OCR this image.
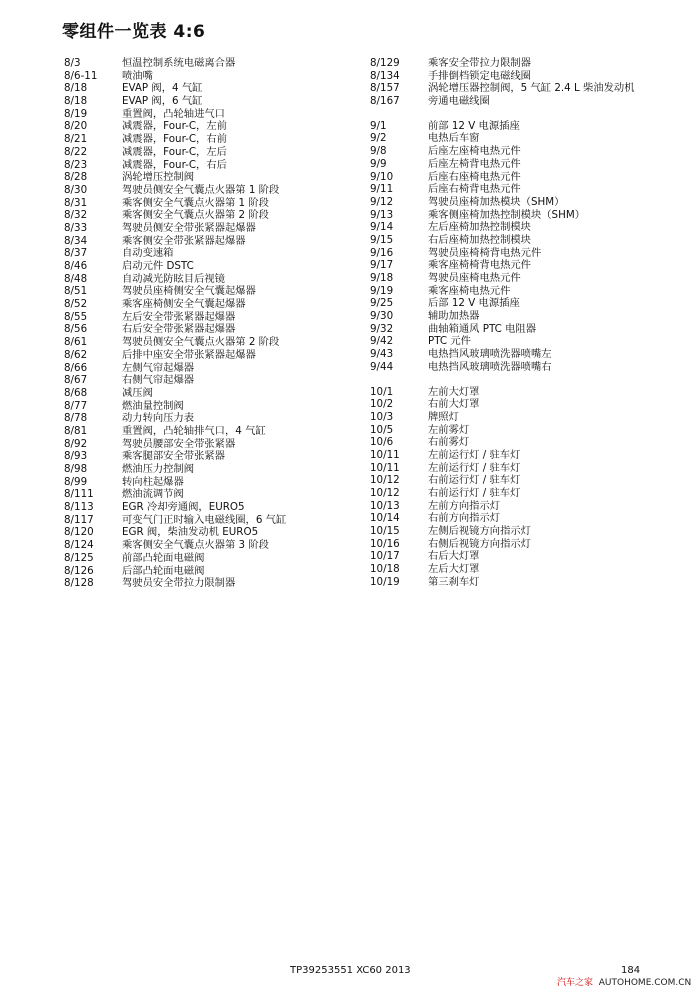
零组件一览表 4:6
8/3	恒温控制系统电磁离合器
8/6-11	喷油嘴
8/18	EVAP 阀，4 气缸
8/18	EVAP 阀，6 气缸
8/19	重置阀，凸轮轴进气口
8/20	减震器，Four-C，左前
8/21	减震器，Four-C，右前
8/22	减震器，Four-C，左后
8/23	减震器，Four-C，右后
8/28	涡轮增压控制阀
8/30	驾驶员侧安全气囊点火器第 1 阶段
8/31	乘客侧安全气囊点火器第 1 阶段
8/32	乘客侧安全气囊点火器第 2 阶段
8/33	驾驶员侧安全带张紧器起爆器
8/34	乘客侧安全带张紧器起爆器
8/37	自动变速箱
8/46	启动元件 DSTC
8/48	自动减光防眩目后视镜
8/51	驾驶员座椅侧安全气囊起爆器
8/52	乘客座椅侧安全气囊起爆器
8/55	左后安全带张紧器起爆器
8/56	右后安全带张紧器起爆器
8/61	驾驶员侧安全气囊点火器第 2 阶段
8/62	后排中座安全带张紧器起爆器
8/66	左侧气帘起爆器
8/67	右侧气帘起爆器
8/68	减压阀
8/77	燃油量控制阀
8/78	动力转向压力表
8/81	重置阀，凸轮轴排气口，4 气缸
8/92	驾驶员腰部安全带张紧器
8/93	乘客腿部安全带张紧器
8/98	燃油压力控制阀
8/99	转向柱起爆器
8/111	燃油流调节阀
8/113	EGR 冷却旁通阀，EURO5
8/117	可变气门正时输入电磁线圈，6 气缸
8/120	EGR 阀，柴油发动机 EURO5
8/124	乘客侧安全气囊点火器第 3 阶段
8/125	前部凸轮面电磁阀
8/126	后部凸轮面电磁阀
8/128	驾驶员安全带拉力限制器
8/129	乘客安全带拉力限制器
8/134	手排倒档锁定电磁线圈
8/157	涡轮增压器控制阀，5 气缸 2.4 L 柴油发动机
8/167	旁通电磁线圈
9/1	前部 12 V 电源插座
9/2	电热后车窗
9/8	后座左座椅电热元件
9/9	后座左椅背电热元件
9/10	后座右座椅电热元件
9/11	后座右椅背电热元件
9/12	驾驶员座椅加热模块（SHM）
9/13	乘客侧座椅加热控制模块（SHM）
9/14	左后座椅加热控制模块
9/15	右后座椅加热控制模块
9/16	驾驶员座椅椅背电热元件
9/17	乘客座椅椅背电热元件
9/18	驾驶员座椅电热元件
9/19	乘客座椅电热元件
9/25	后部 12 V 电源插座
9/30	辅助加热器
9/32	曲轴箱通风 PTC 电阻器
9/42	PTC 元件
9/43	电热挡风玻璃喷洗器喷嘴左
9/44	电热挡风玻璃喷洗器喷嘴右
10/1	左前大灯罩
10/2	右前大灯罩
10/3	牌照灯
10/5	左前雾灯
10/6	右前雾灯
10/11	左前运行灯 / 驻车灯
10/11	左前运行灯 / 驻车灯
10/12	右前运行灯 / 驻车灯
10/12	右前运行灯 / 驻车灯
10/13	左前方向指示灯
10/14	右前方向指示灯
10/15	左侧后视镜方向指示灯
10/16	右侧后视镜方向指示灯
10/17	右后大灯罩
10/18	左后大灯罩
10/19	第三刹车灯
TP39253551 XC60 2013	184
汽车之家 AUTOHOME.COM.CN
